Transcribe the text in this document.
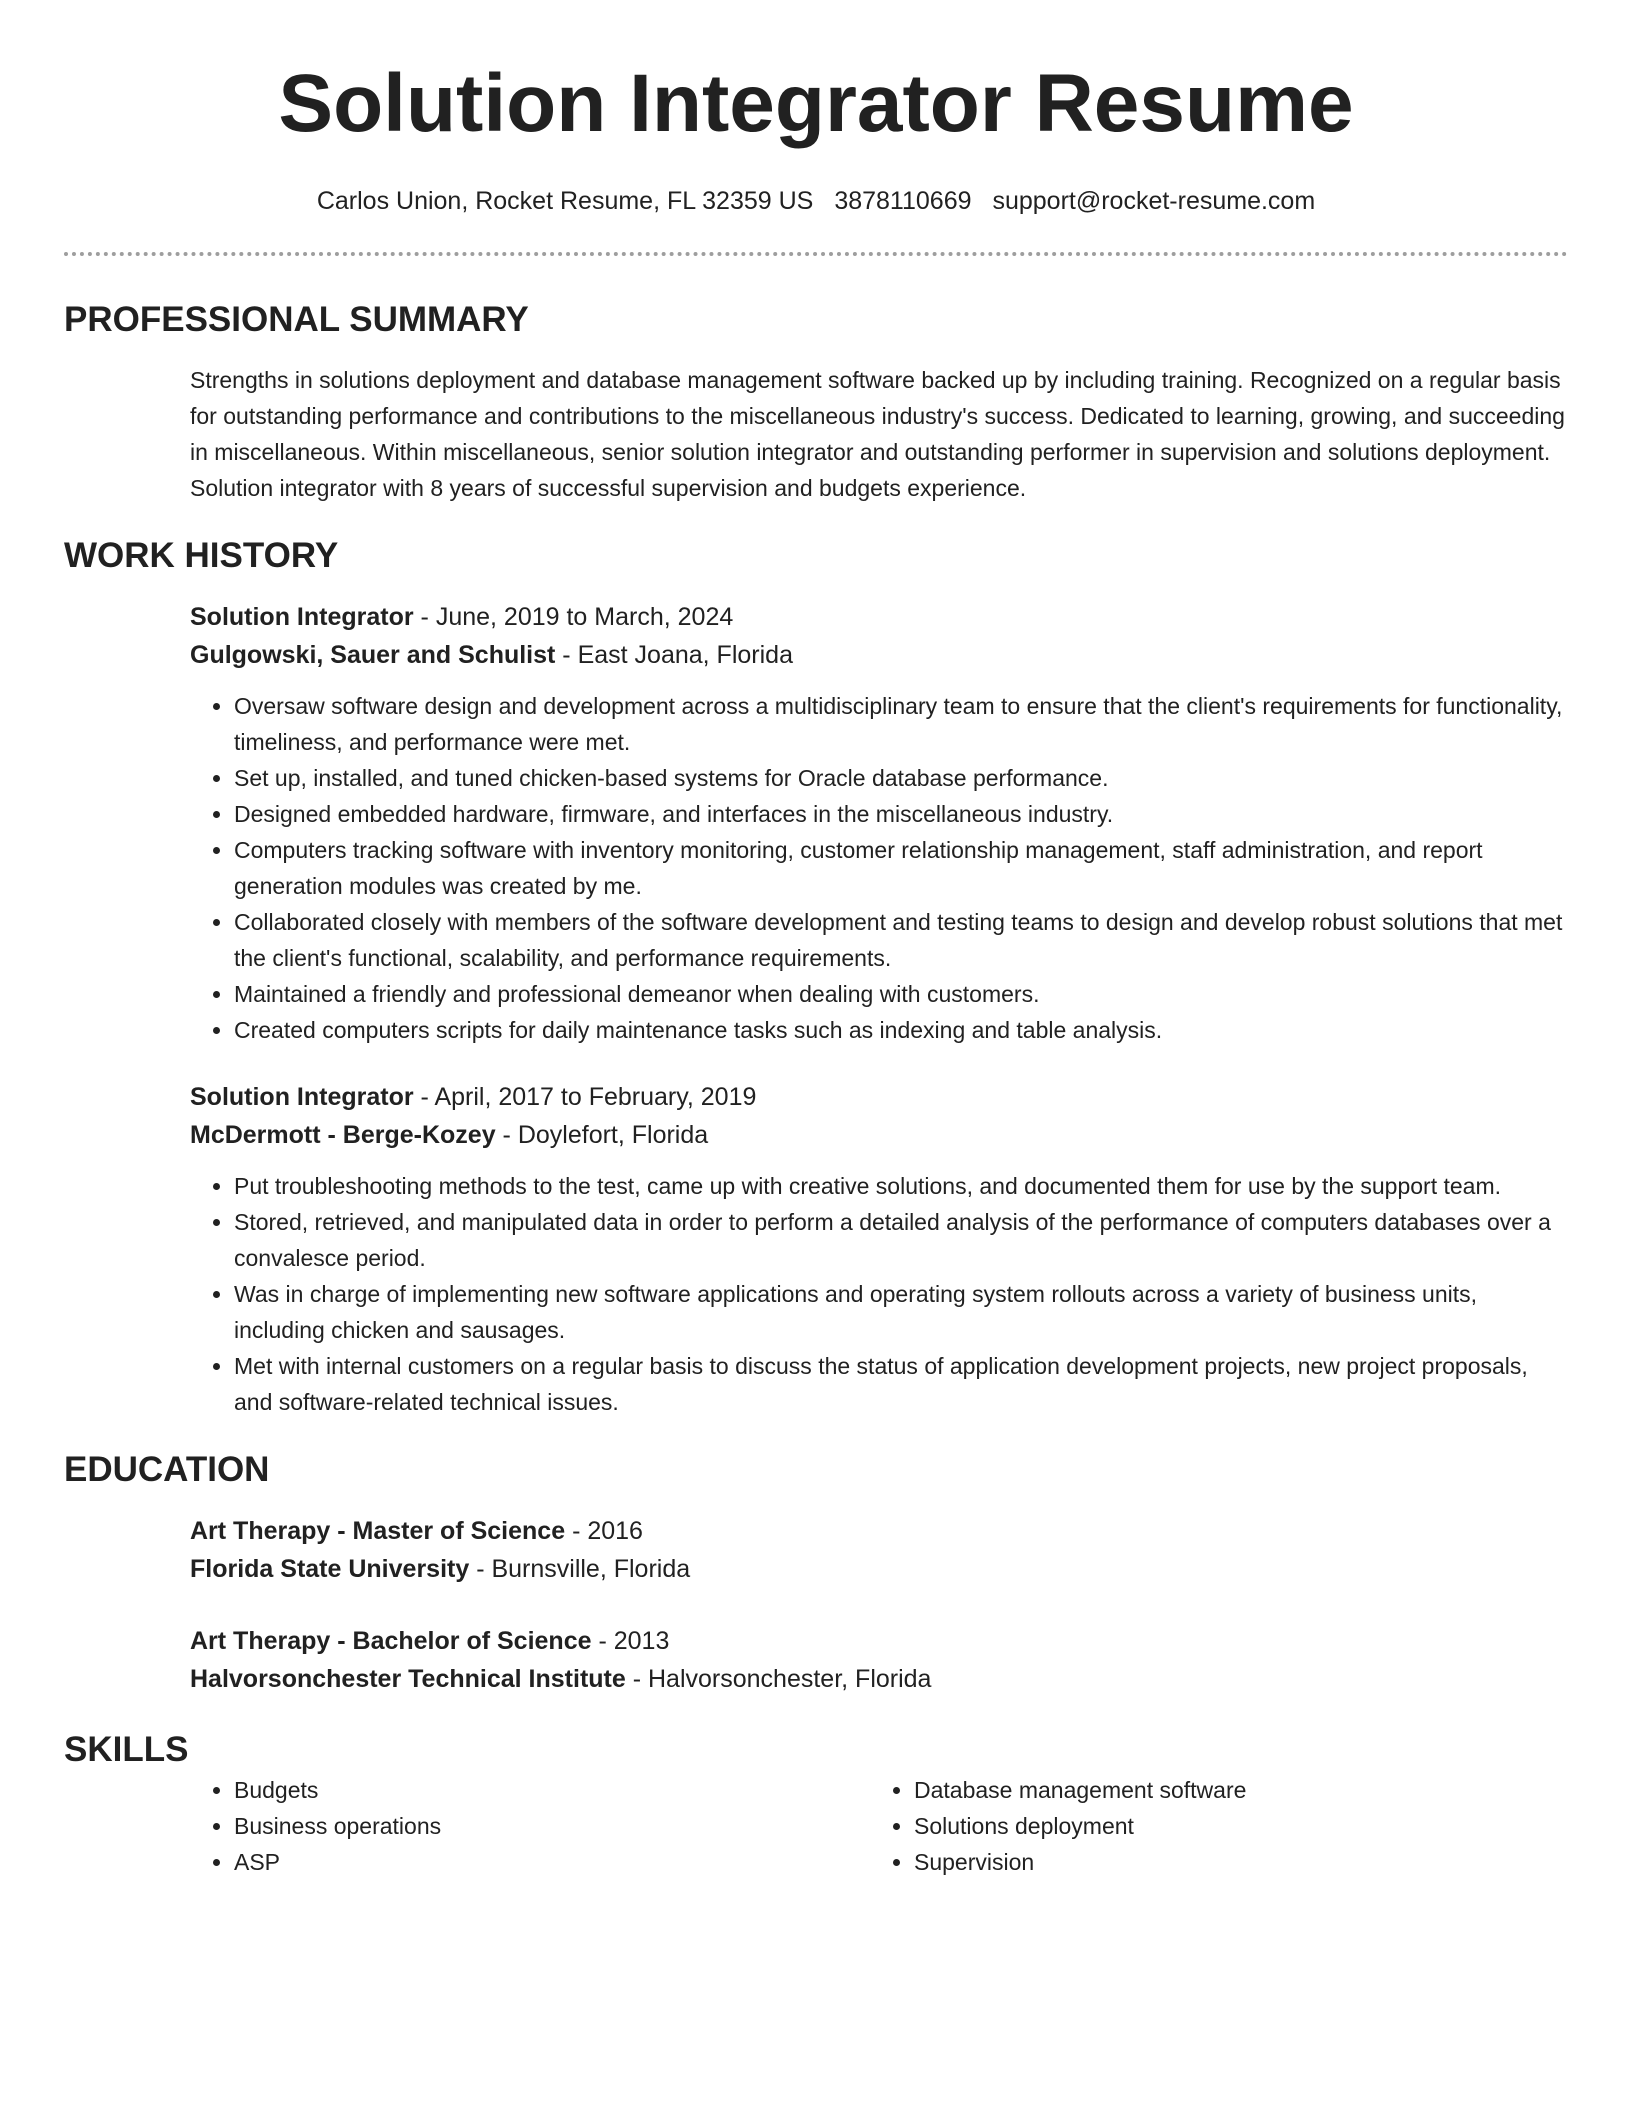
Solution Integrator Resume
Carlos Union, Rocket Resume, FL 32359 US 3878110669 support@rocket-resume.com
PROFESSIONAL SUMMARY

Strengths in solutions deployment and database management software backed up by including training. Recognized on a regular basis for outstanding performance and contributions to the miscellaneous industry's success. Dedicated to learning, growing, and succeeding in miscellaneous. Within miscellaneous, senior solution integrator and outstanding performer in supervision and solutions deployment. Solution integrator with 8 years of successful supervision and budgets experience.

WORK HISTORY
Solution Integrator - June, 2019 to March, 2024
Gulgowski, Sauer and Schulist - East Joana, Florida
• Oversaw software design and development across a multidisciplinary team to ensure that the client's requirements for functionality, timeliness, and performance were met.
• Set up, installed, and tuned chicken-based systems for Oracle database performance.
• Designed embedded hardware, firmware, and interfaces in the miscellaneous industry.
• Computers tracking software with inventory monitoring, customer relationship management, staff administration, and report generation modules was created by me.
• Collaborated closely with members of the software development and testing teams to design and develop robust solutions that met the client's functional, scalability, and performance requirements.
• Maintained a friendly and professional demeanor when dealing with customers.
• Created computers scripts for daily maintenance tasks such as indexing and table analysis.
Solution Integrator - April, 2017 to February, 2019
McDermott - Berge-Kozey - Doylefort, Florida
• Put troubleshooting methods to the test, came up with creative solutions, and documented them for use by the support team.
• Stored, retrieved, and manipulated data in order to perform a detailed analysis of the performance of computers databases over a convalesce period.
• Was in charge of implementing new software applications and operating system rollouts across a variety of business units, including chicken and sausages.
• Met with internal customers on a regular basis to discuss the status of application development projects, new project proposals, and software-related technical issues.
EDUCATION
Art Therapy - Master of Science - 2016
Florida State University - Burnsville, Florida
Art Therapy - Bachelor of Science - 2013
Halvorsonchester Technical Institute - Halvorsonchester, Florida
SKILLS
• Budgets
• Business operations
• ASP
• Database management software
• Solutions deployment
• Supervision
